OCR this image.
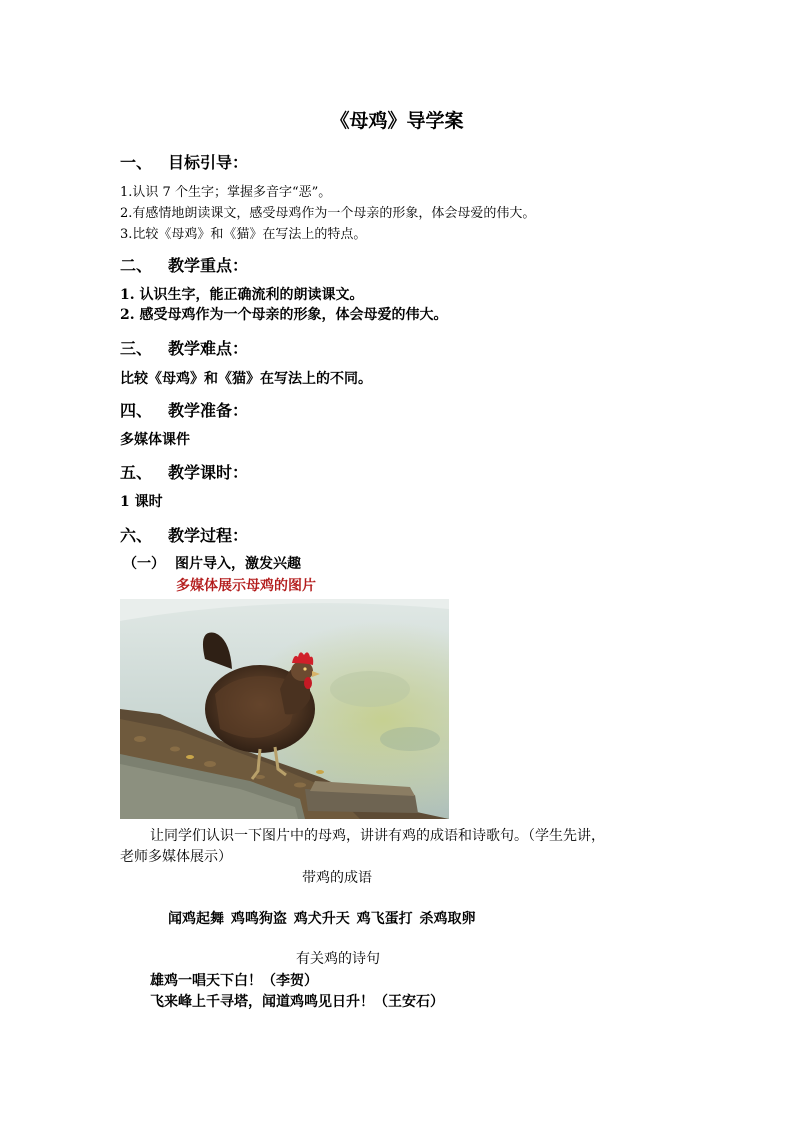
《母鸡》导学案
一、 目标引导：
1.认识 7 个生字；掌握多音字“恶”。
2.有感情地朗读课文，感受母鸡作为一个母亲的形象，体会母爱的伟大。
3.比较《母鸡》和《猫》在写法上的特点。
二、 教学重点：
1. 认识生字，能正确流利的朗读课文。
2. 感受母鸡作为一个母亲的形象，体会母爱的伟大。
三、 教学难点：
比较《母鸡》和《猫》在写法上的不同。
四、 教学准备：
多媒体课件
五、 教学课时：
1 课时
六、 教学过程：
（一） 图片导入，激发兴趣
多媒体展示母鸡的图片
让同学们认识一下图片中的母鸡，讲讲有鸡的成语和诗歌句。（学生先讲，
老师多媒体展示）
带鸡的成语
闻鸡起舞 鸡鸣狗盗 鸡犬升天 鸡飞蛋打 杀鸡取卵
有关鸡的诗句
雄鸡一唱天下白！（李贺）
飞来峰上千寻塔，闻道鸡鸣见日升！（王安石）
